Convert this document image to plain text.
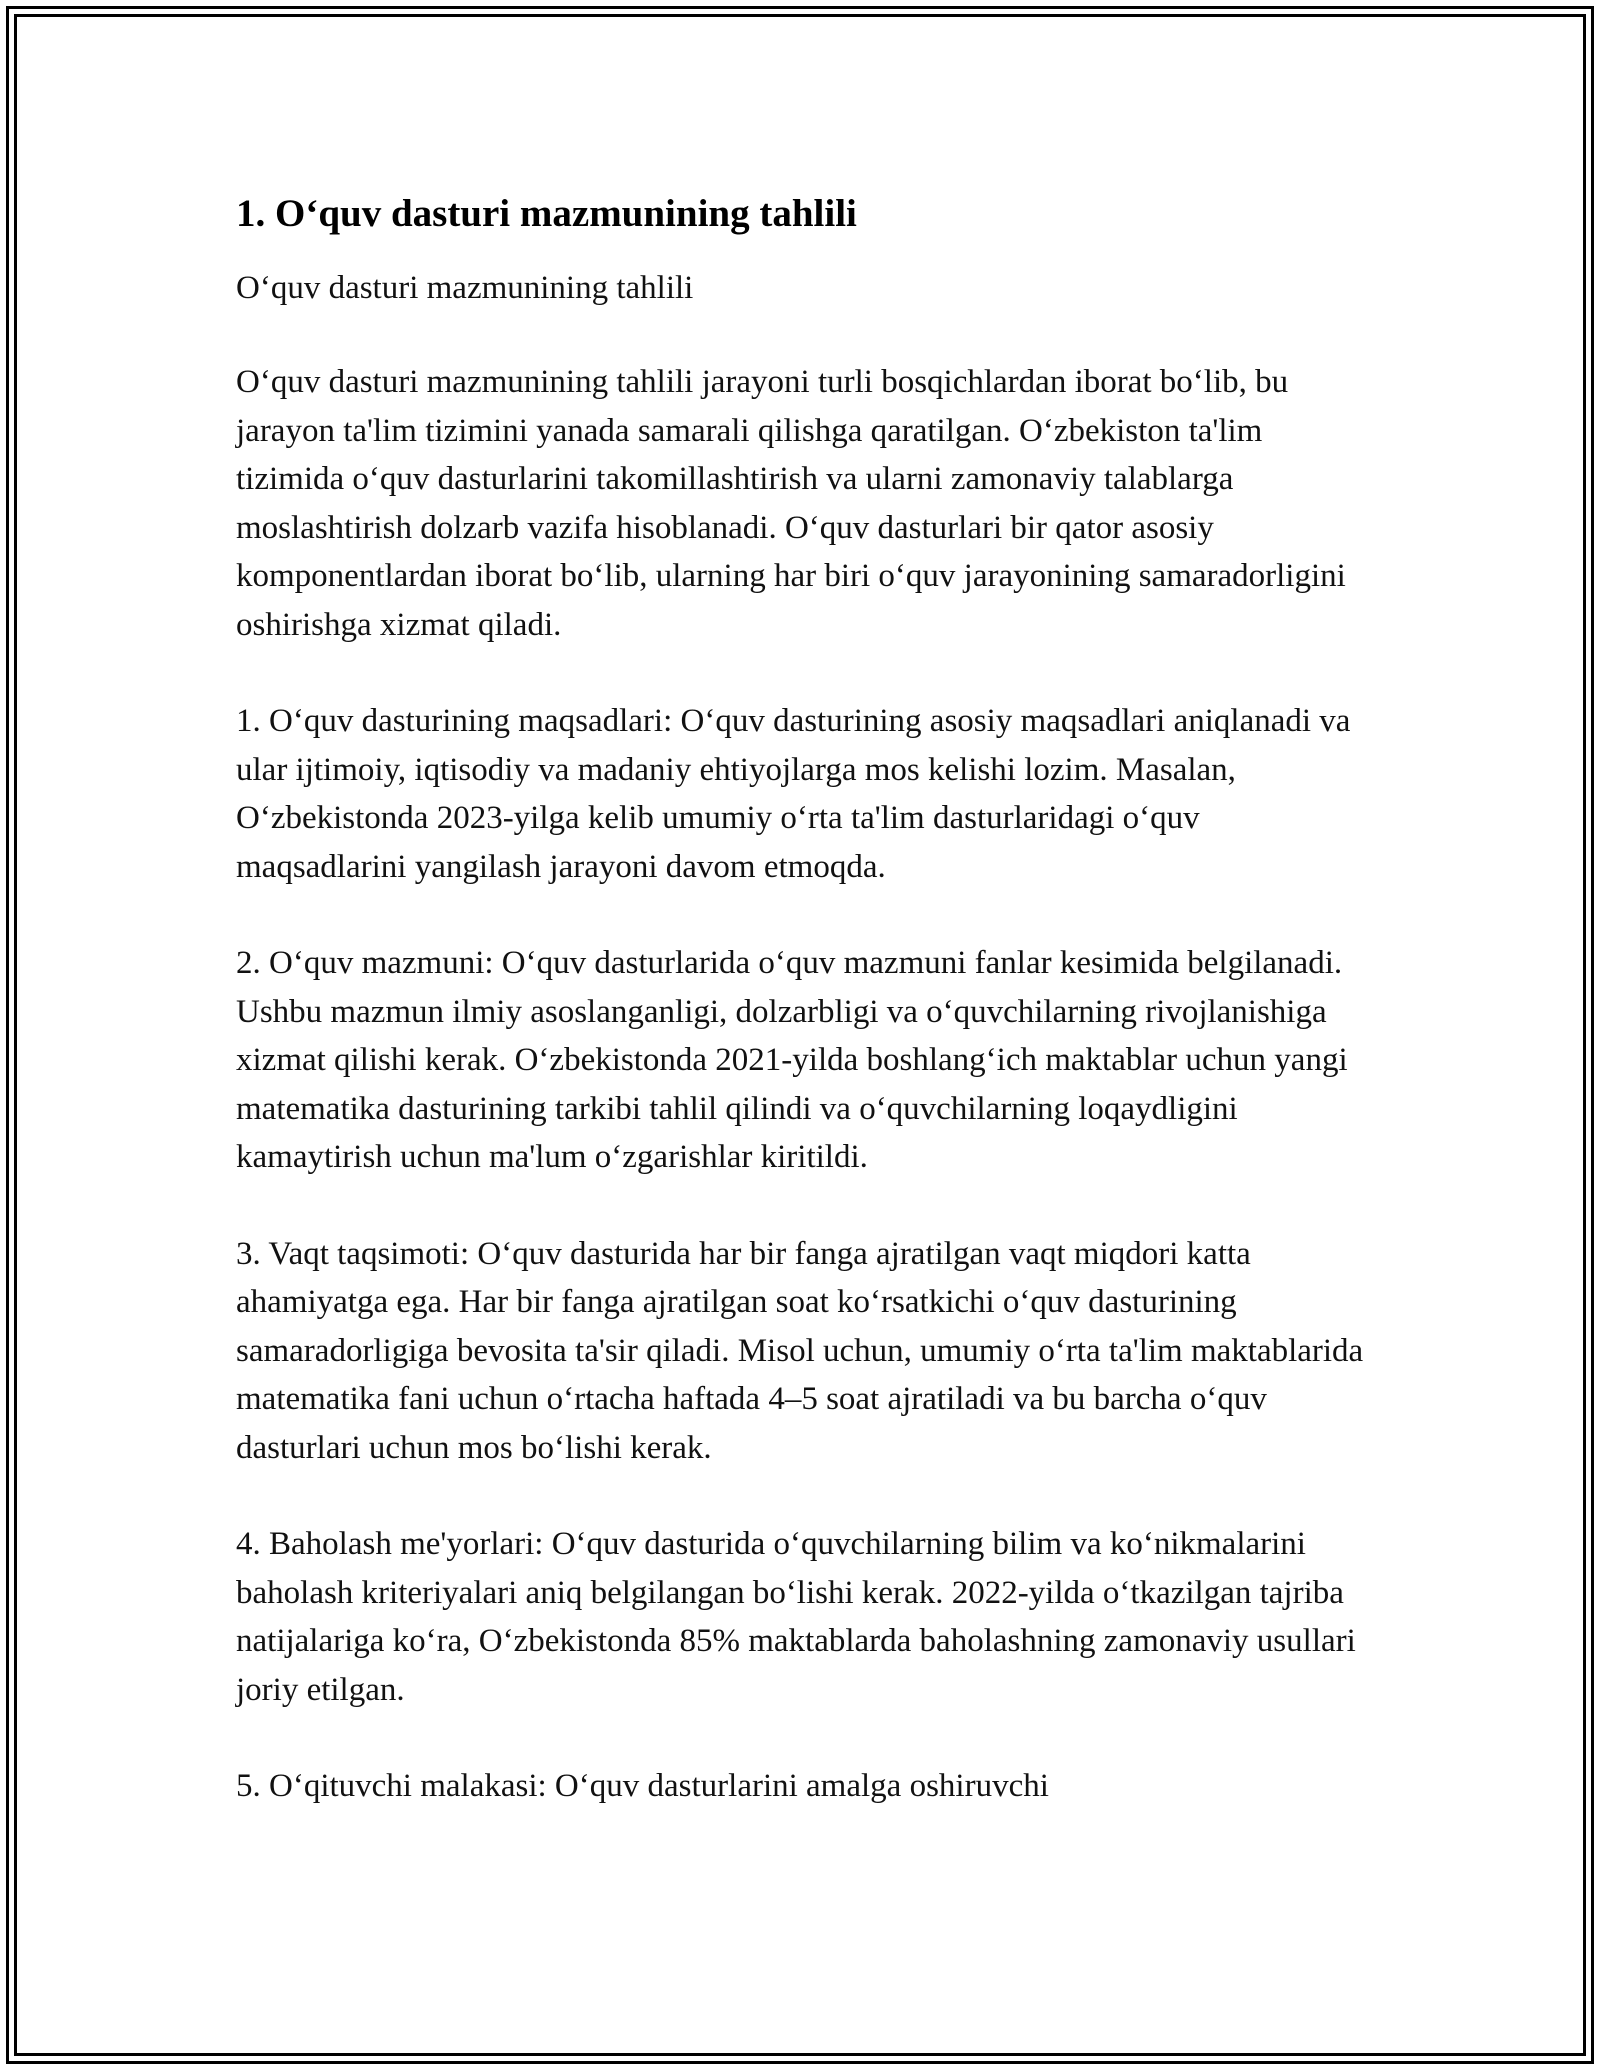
1. O‘quv dasturi mazmunining tahlili

O‘quv dasturi mazmunining tahlili

O‘quv dasturi mazmunining tahlili jarayoni turli bosqichlardan iborat bo‘lib, bu jarayon ta'lim tizimini yanada samarali qilishga qaratilgan. O‘zbekiston ta'lim tizimida o‘quv dasturlarini takomillashtirish va ularni zamonaviy talablarga moslashtirish dolzarb vazifa hisoblanadi. O‘quv dasturlari bir qator asosiy komponentlardan iborat bo‘lib, ularning har biri o‘quv jarayonining samaradorligini oshirishga xizmat qiladi.

1. O‘quv dasturining maqsadlari: O‘quv dasturining asosiy maqsadlari aniqlanadi va ular ijtimoiy, iqtisodiy va madaniy ehtiyojlarga mos kelishi lozim. Masalan, O‘zbekistonda 2023-yilga kelib umumiy o‘rta ta'lim dasturlaridagi o‘quv maqsadlarini yangilash jarayoni davom etmoqda.

2. O‘quv mazmuni: O‘quv dasturlarida o‘quv mazmuni fanlar kesimida belgilanadi. Ushbu mazmun ilmiy asoslanganligi, dolzarbligi va o‘quvchilarning rivojlanishiga xizmat qilishi kerak. O‘zbekistonda 2021-yilda boshlang‘ich maktablar uchun yangi matematika dasturining tarkibi tahlil qilindi va o‘quvchilarning loqaydligini kamaytirish uchun ma'lum o‘zgarishlar kiritildi.

3. Vaqt taqsimoti: O‘quv dasturida har bir fanga ajratilgan vaqt miqdori katta ahamiyatga ega. Har bir fanga ajratilgan soat ko‘rsatkichi o‘quv dasturining samaradorligiga bevosita ta'sir qiladi. Misol uchun, umumiy o‘rta ta'lim maktablarida matematika fani uchun o‘rtacha haftada 4–5 soat ajratiladi va bu barcha o‘quv dasturlari uchun mos bo‘lishi kerak.

4. Baholash me'yorlari: O‘quv dasturida o‘quvchilarning bilim va ko‘nikmalarini baholash kriteriyalari aniq belgilangan bo‘lishi kerak. 2022-yilda o‘tkazilgan tajriba natijalariga ko‘ra, O‘zbekistonda 85% maktablarda baholashning zamonaviy usullari joriy etilgan.

5. O‘qituvchi malakasi: O‘quv dasturlarini amalga oshiruvchi
